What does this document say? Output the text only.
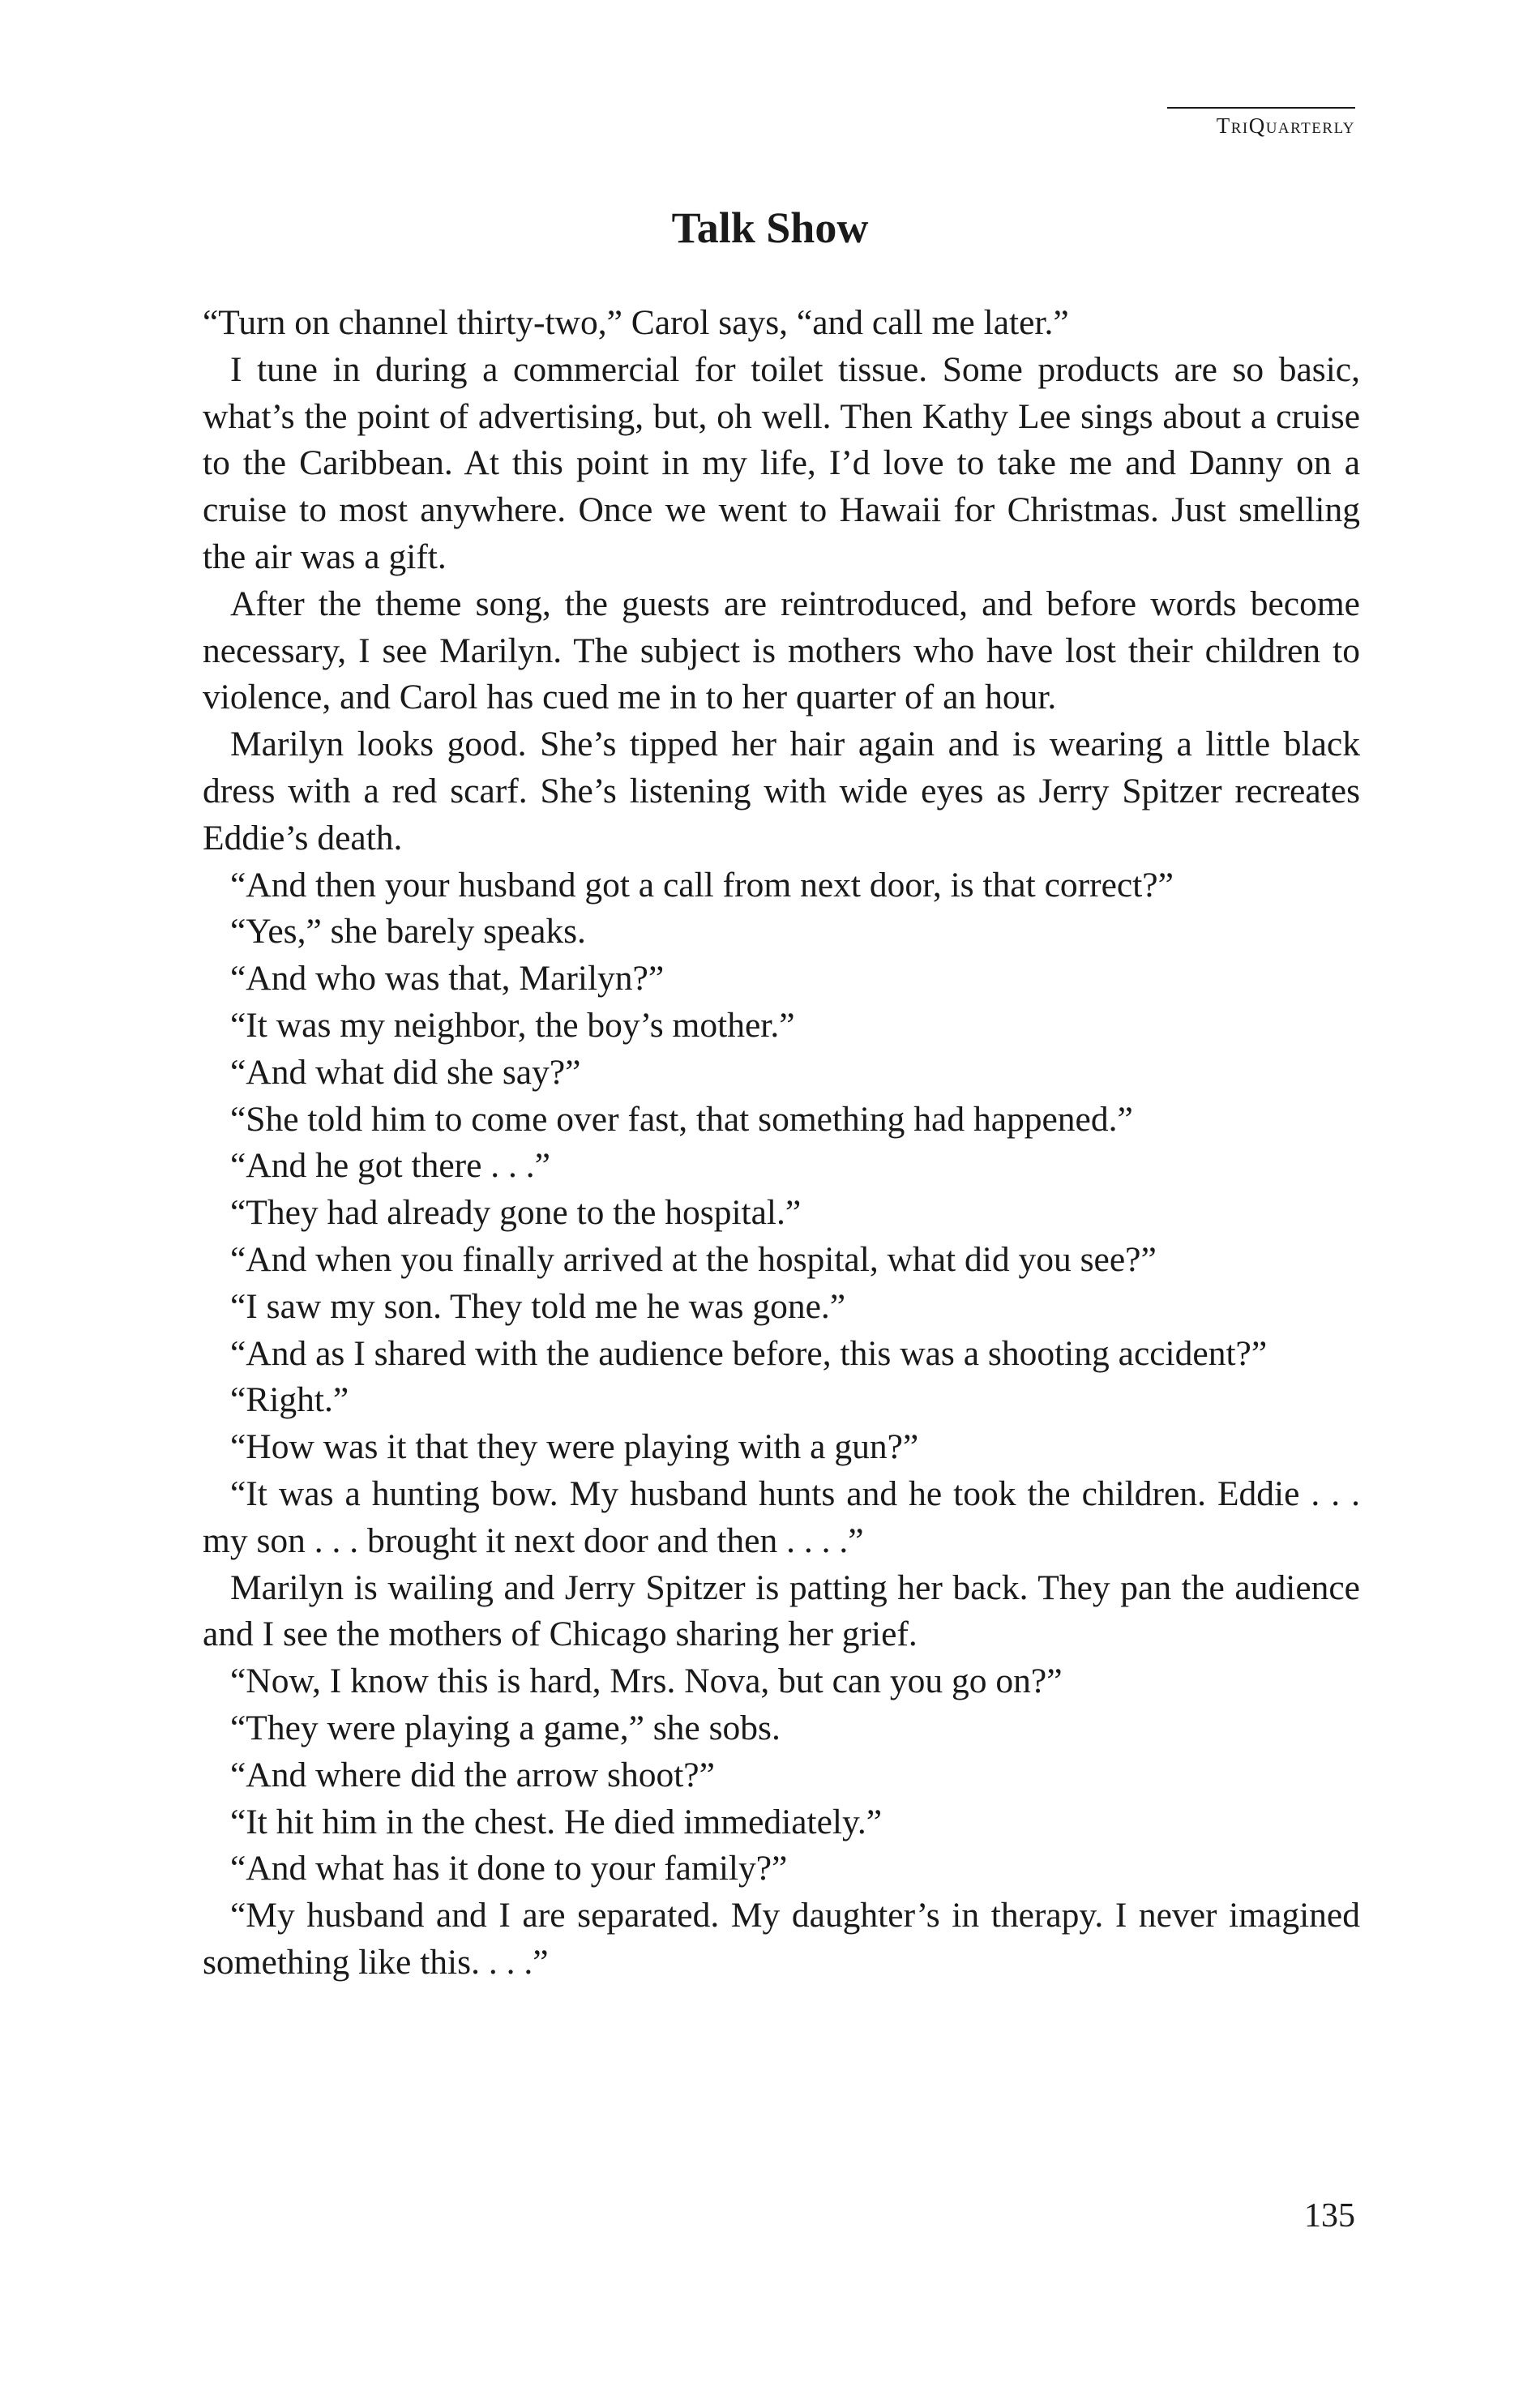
TriQuarterly
Talk Show

“Turn on channel thirty-two,” Carol says, “and call me later.”

I tune in during a commercial for toilet tissue. Some products are so basic, what’s the point of advertising, but, oh well. Then Kathy Lee sings about a cruise to the Caribbean. At this point in my life, I’d love to take me and Danny on a cruise to most anywhere. Once we went to Hawaii for Christmas. Just smelling the air was a gift.

After the theme song, the guests are reintroduced, and before words become necessary, I see Marilyn. The subject is mothers who have lost their children to violence, and Carol has cued me in to her quarter of an hour.

Marilyn looks good. She’s tipped her hair again and is wearing a little black dress with a red scarf. She’s listening with wide eyes as Jerry Spitzer recreates Eddie’s death.

“And then your husband got a call from next door, is that correct?”

“Yes,” she barely speaks.

“And who was that, Marilyn?”

“It was my neighbor, the boy’s mother.”

“And what did she say?”

“She told him to come over fast, that something had happened.”

“And he got there . . .”

“They had already gone to the hospital.”

“And when you finally arrived at the hospital, what did you see?”

“I saw my son. They told me he was gone.”

“And as I shared with the audience before, this was a shooting accident?”

“Right.”

“How was it that they were playing with a gun?”

“It was a hunting bow. My husband hunts and he took the children. Eddie . . . my son . . . brought it next door and then . . . .”

Marilyn is wailing and Jerry Spitzer is patting her back. They pan the audience and I see the mothers of Chicago sharing her grief.

“Now, I know this is hard, Mrs. Nova, but can you go on?”

“They were playing a game,” she sobs.

“And where did the arrow shoot?”

“It hit him in the chest. He died immediately.”

“And what has it done to your family?”

“My husband and I are separated. My daughter’s in therapy. I never imagined something like this. . . .”

135
